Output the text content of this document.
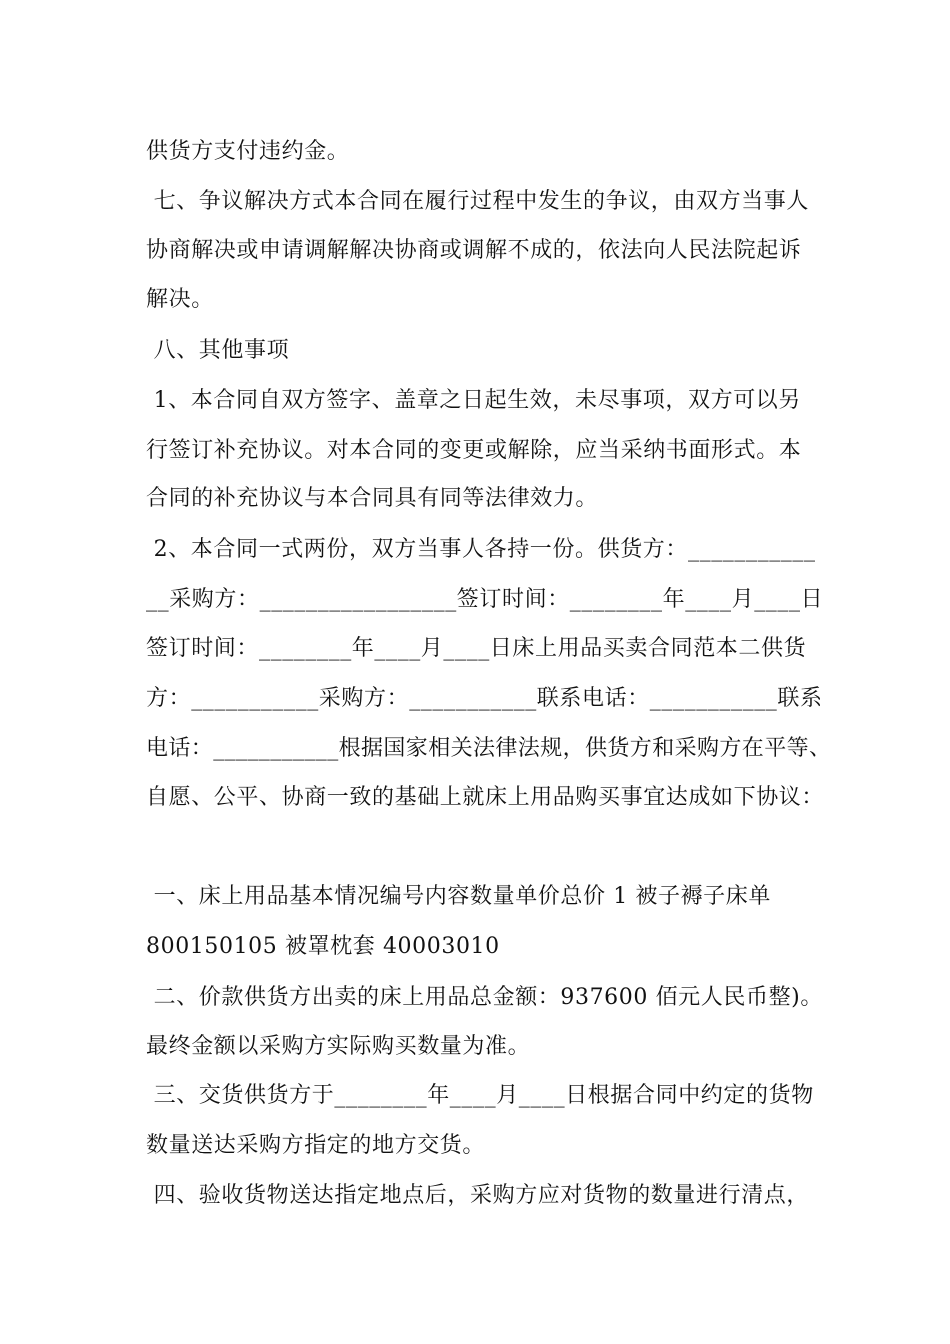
供货方支付违约金。
七、争议解决方式本合同在履行过程中发生的争议，由双方当事人
协商解决或申请调解解决协商或调解不成的，依法向人民法院起诉
解决。
八、其他事项
1、本合同自双方签字、盖章之日起生效，未尽事项，双方可以另
行签订补充协议。对本合同的变更或解除，应当采纳书面形式。本
合同的补充协议与本合同具有同等法律效力。
2、本合同一式两份，双方当事人各持一份。供货方：___________
__采购方：_________________签订时间：________年____月____日
签订时间：________年____月____日床上用品买卖合同范本二供货
方：___________采购方：___________联系电话：___________联系
电话：___________根据国家相关法律法规，供货方和采购方在平等、
自愿、公平、协商一致的基础上就床上用品购买事宜达成如下协议：
一、床上用品基本情况编号内容数量单价总价 1 被子褥子床单
800150105 被罩枕套 40003010
二、价款供货方出卖的床上用品总金额：937600 佰元人民币整)。
最终金额以采购方实际购买数量为准。
三、交货供货方于________年____月____日根据合同中约定的货物
数量送达采购方指定的地方交货。
四、验收货物送达指定地点后，采购方应对货物的数量进行清点，
